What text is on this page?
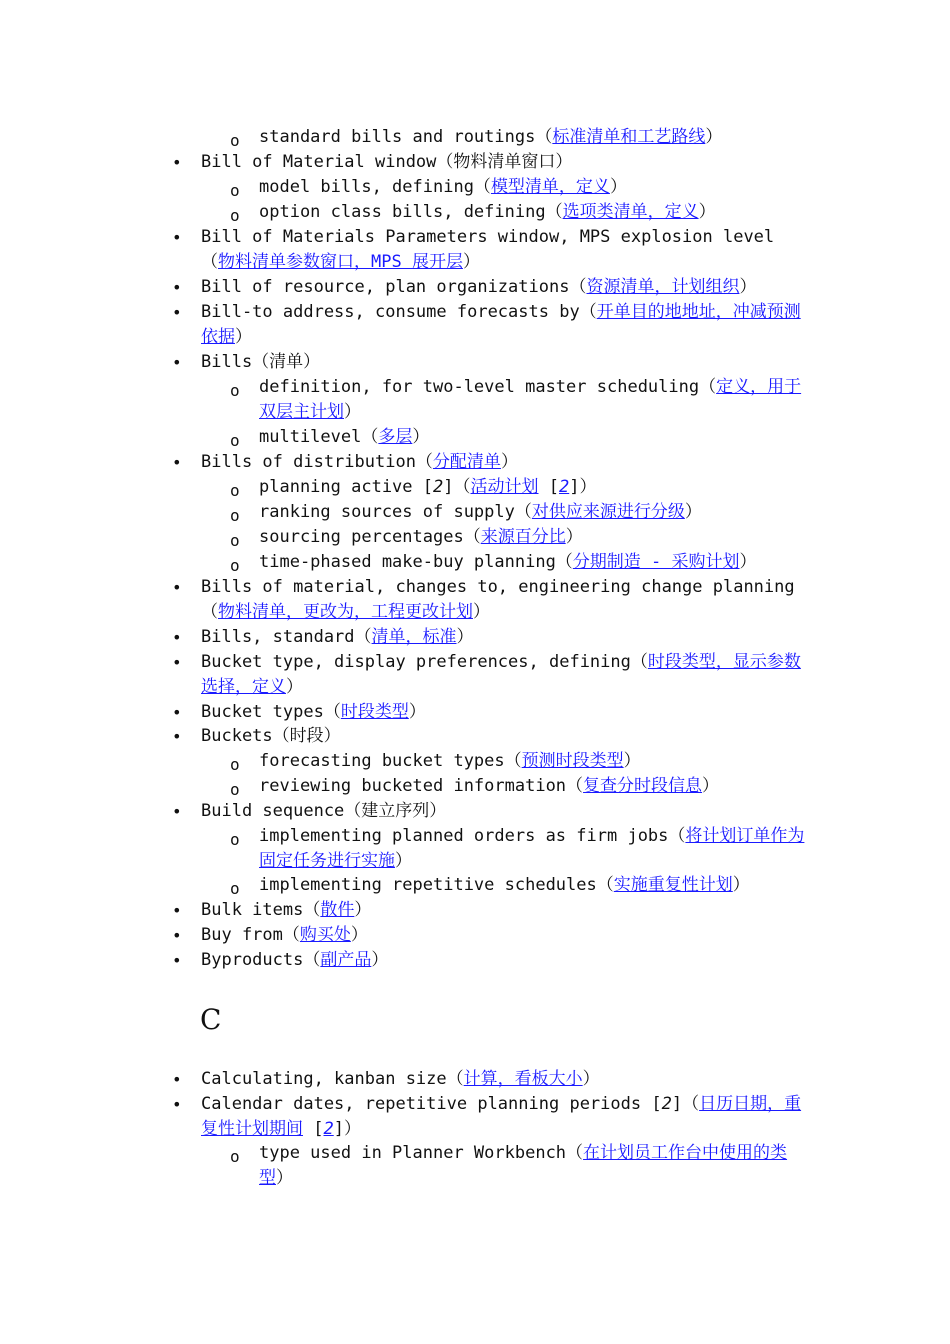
o standard bills and routings（标准清单和工艺路线）
• Bill of Material window（物料清单窗口）
o model bills, defining（模型清单，定义）
o option class bills, defining（选项类清单，定义）
• Bill of Materials Parameters window, MPS explosion level（物料清单参数窗口，MPS 展开层）
• Bill of resource, plan organizations（资源清单，计划组织）
• Bill-to address, consume forecasts by（开单目的地地址，冲减预测依据）
• Bills（清单）
o definition, for two-level master scheduling（定义，用于双层主计划）
o multilevel（多层）
• Bills of distribution（分配清单）
o planning active [2]（活动计划 [2]）
o ranking sources of supply（对供应来源进行分级）
o sourcing percentages（来源百分比）
o time-phased make-buy planning（分期制造 - 采购计划）
• Bills of material, changes to, engineering change planning（物料清单，更改为，工程更改计划）
• Bills, standard（清单，标准）
• Bucket type, display preferences, defining（时段类型，显示参数选择，定义）
• Bucket types（时段类型）
• Buckets（时段）
o forecasting bucket types（预测时段类型）
o reviewing bucketed information（复查分时段信息）
• Build sequence（建立序列）
o implementing planned orders as firm jobs（将计划订单作为固定任务进行实施）
o implementing repetitive schedules（实施重复性计划）
• Bulk items（散件）
• Buy from（购买处）
• Byproducts（副产品）
C
• Calculating, kanban size（计算，看板大小）
• Calendar dates, repetitive planning periods [2]（日历日期，重复性计划期间 [2]）
o type used in Planner Workbench（在计划员工作台中使用的类型）
